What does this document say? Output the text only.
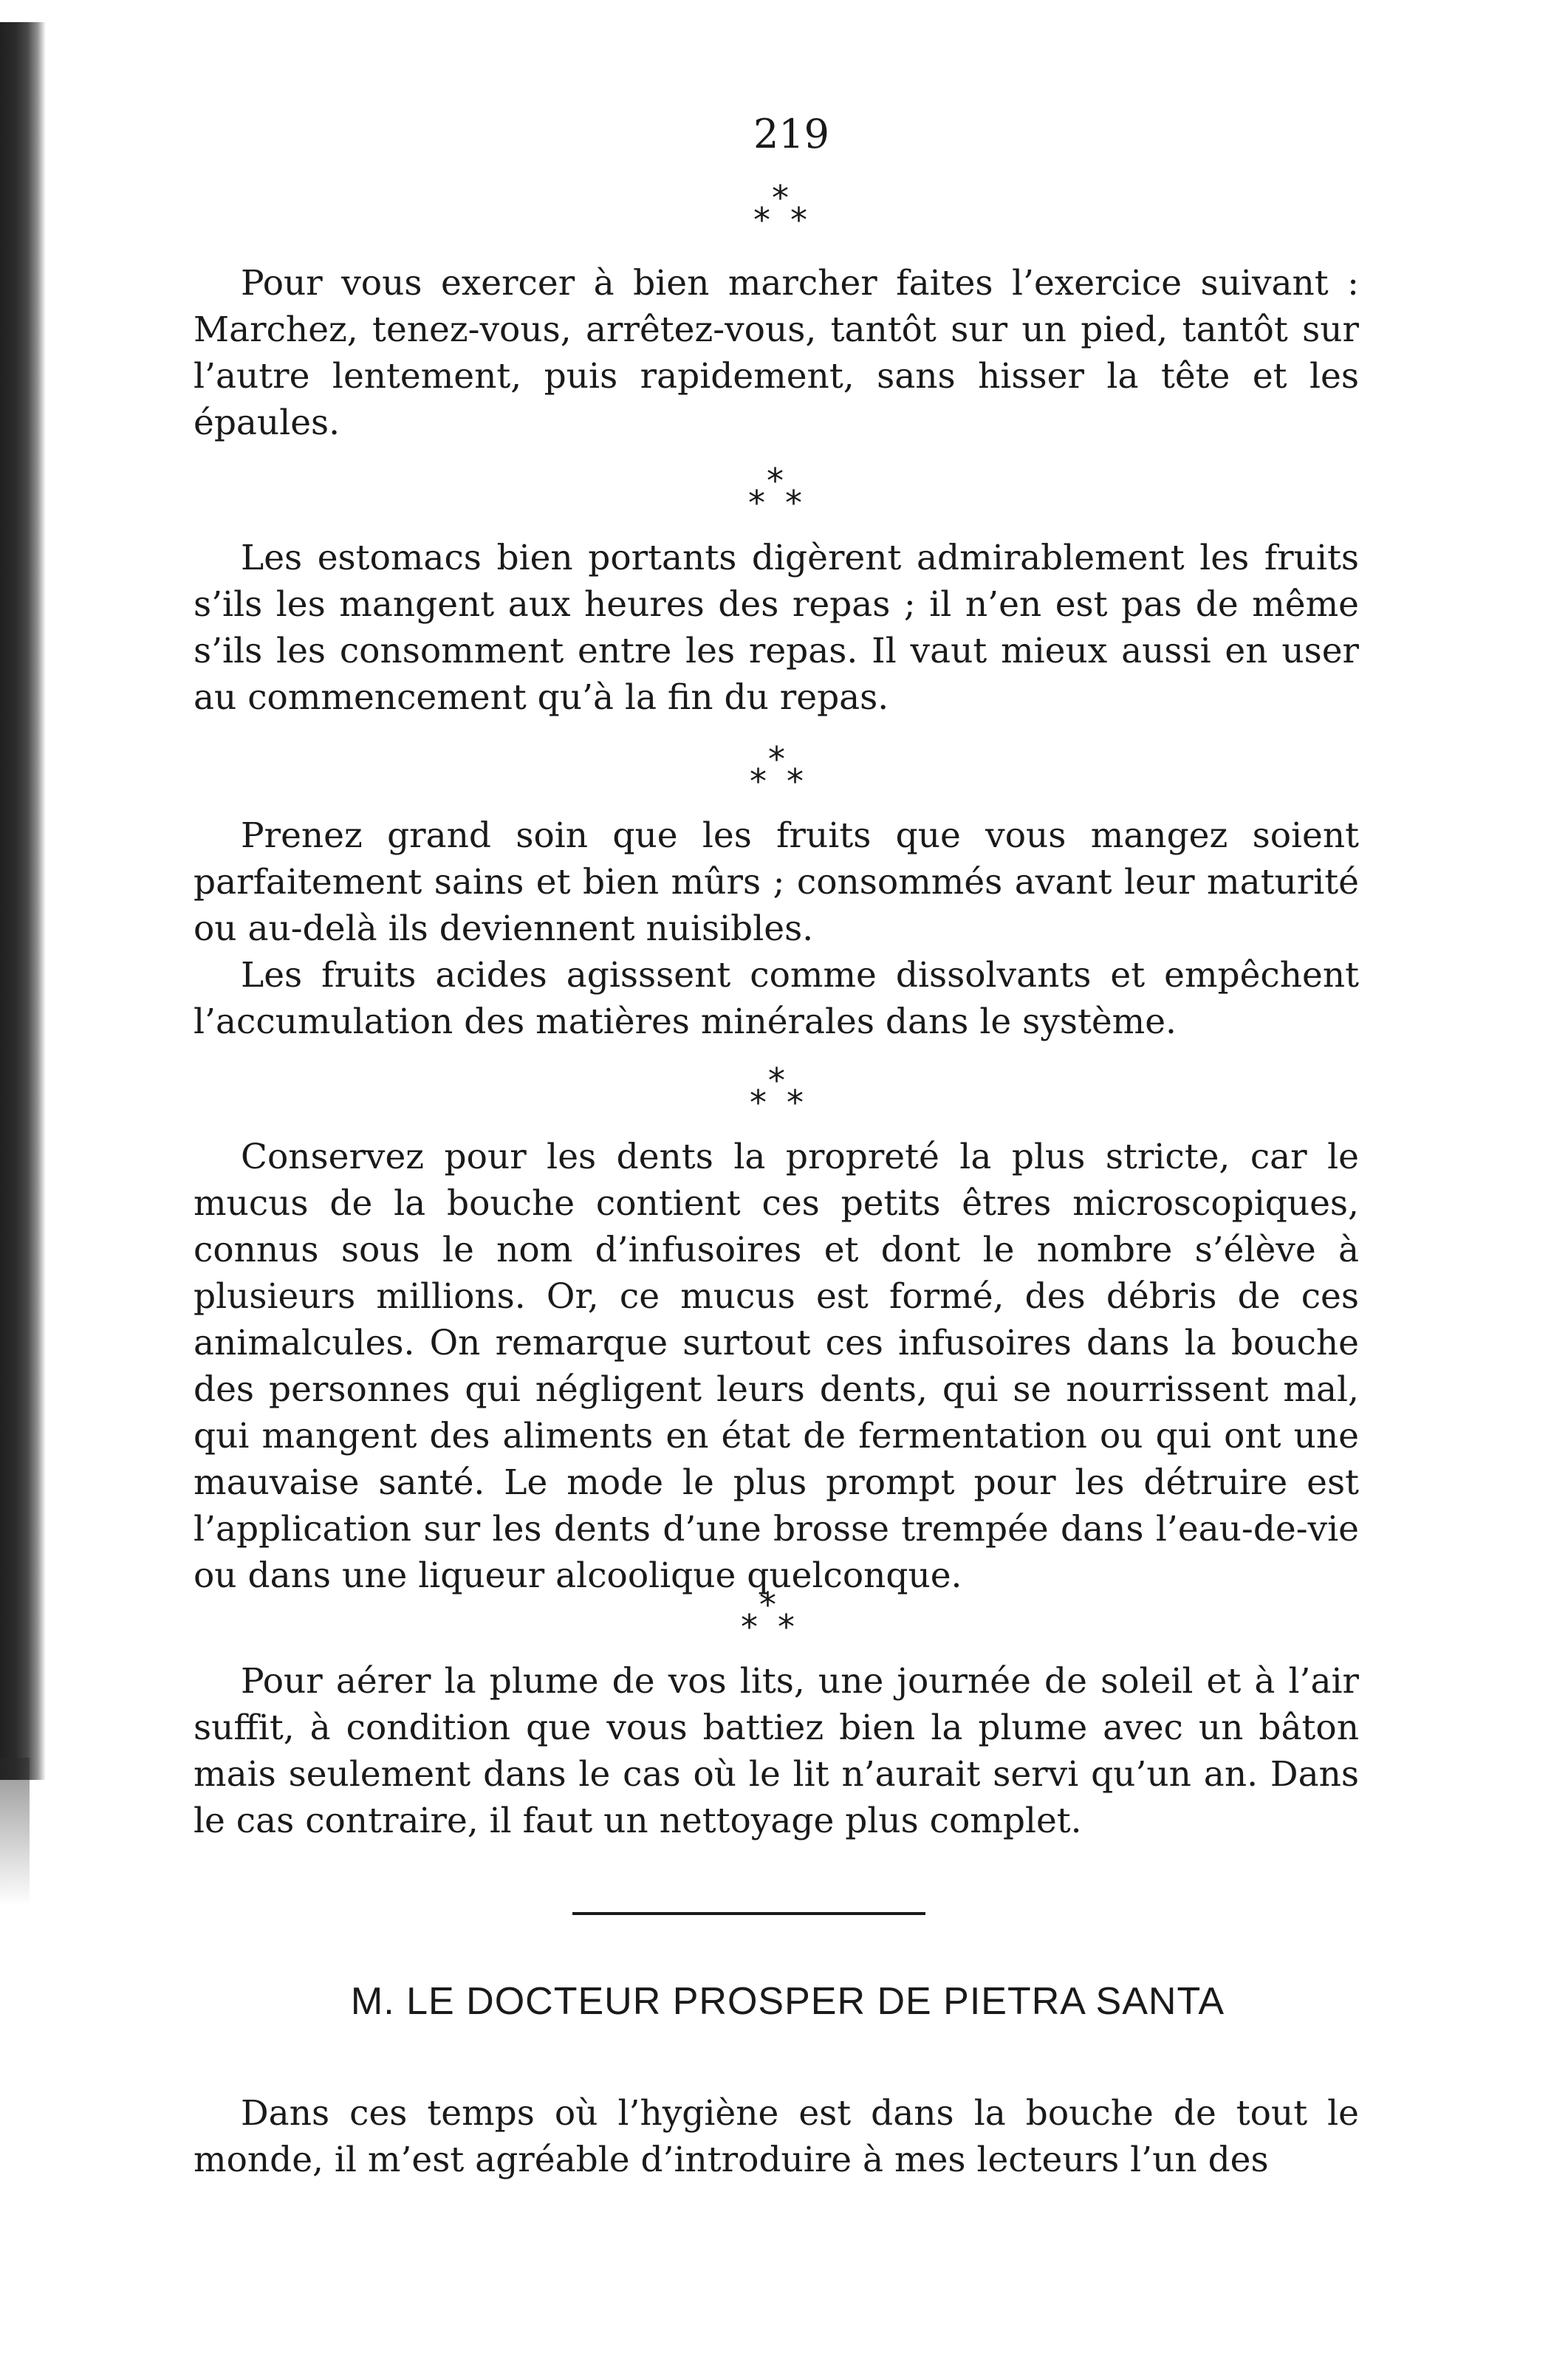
219
*
* *

Pour vous exercer à bien marcher faites l’exercice suivant : Marchez, tenez-vous, arrêtez-vous, tantôt sur un pied, tantôt sur l’autre lentement, puis rapidement, sans hisser la tête et les épaules.

*
* *

Les estomacs bien portants digèrent admirablement les fruits s’ils les mangent aux heures des repas ; il n’en est pas de même s’ils les consomment entre les repas. Il vaut mieux aussi en user au commencement qu’à la fin du repas.

*
* *

Prenez grand soin que les fruits que vous mangez soient parfaitement sains et bien mûrs ; consommés avant leur maturité ou au-delà ils deviennent nuisibles.

Les fruits acides agisssent comme dissolvants et empêchent l’accumulation des matières minérales dans le système.

*
* *

Conservez pour les dents la propreté la plus stricte, car le mucus de la bouche contient ces petits êtres microscopiques, connus sous le nom d’infusoires et dont le nombre s’élève à plusieurs millions. Or, ce mucus est formé, des débris de ces animalcules. On remarque surtout ces infusoires dans la bouche des personnes qui négligent leurs dents, qui se nourrissent mal, qui mangent des aliments en état de fermentation ou qui ont une mauvaise santé. Le mode le plus prompt pour les détruire est l’application sur les dents d’une brosse trempée dans l’eau-de-vie ou dans une liqueur alcoolique quelconque.

*
* *

Pour aérer la plume de vos lits, une journée de soleil et à l’air suffit, à condition que vous battiez bien la plume avec un bâton mais seulement dans le cas où le lit n’aurait servi qu’un an. Dans le cas contraire, il faut un nettoyage plus complet.

M. LE DOCTEUR PROSPER DE PIETRA SANTA

Dans ces temps où l’hygiène est dans la bouche de tout le monde, il m’est agréable d’introduire à mes lecteurs l’un des
